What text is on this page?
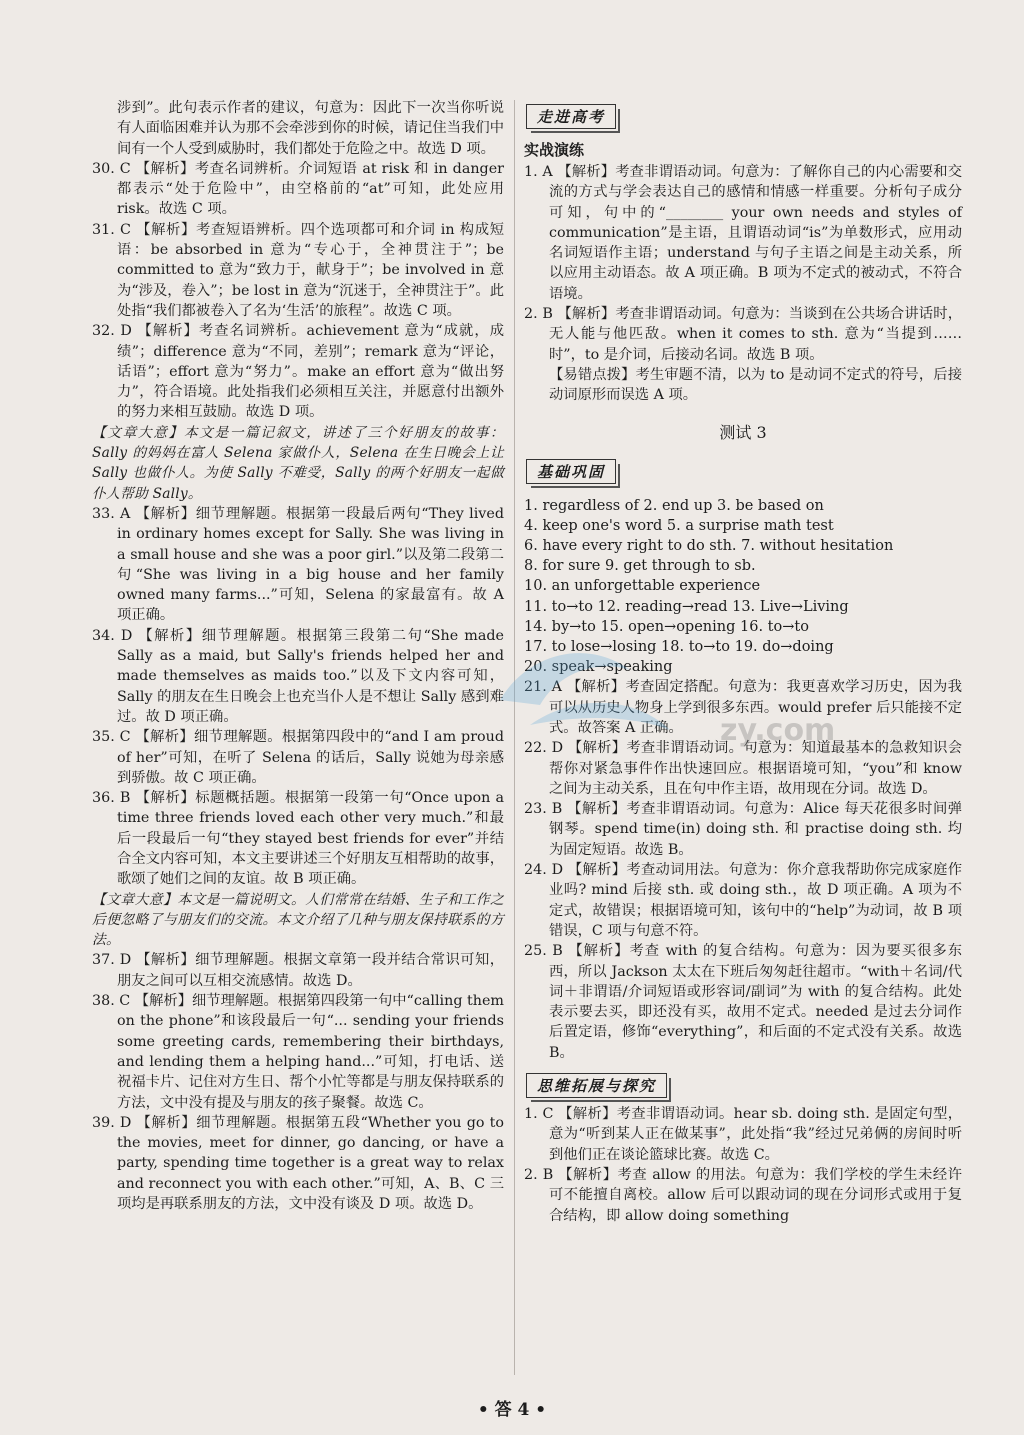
涉到”。此句表示作者的建议，句意为：因此下一次当你听说有人面临困难并认为那不会牵涉到你的时候，请记住当我们中间有一个人受到威胁时，我们都处于危险之中。故选 D 项。

30. C 【解析】考查名词辨析。介词短语 at risk 和 in danger 都表示“处于危险中”，由空格前的“at”可知，此处应用 risk。故选 C 项。

31. C 【解析】考查短语辨析。四个选项都可和介词 in 构成短语：be absorbed in 意为“专心于，全神贯注于”；be committed to 意为“致力于，献身于”；be involved in 意为“涉及，卷入”；be lost in 意为“沉迷于，全神贯注于”。此处指“我们都被卷入了名为‘生活’的旅程”。故选 C 项。

32. D 【解析】考查名词辨析。achievement 意为“成就，成绩”；difference 意为“不同，差别”；remark 意为“评论，话语”；effort 意为“努力”。make an effort 意为“做出努力”，符合语境。此处指我们必须相互关注，并愿意付出额外的努力来相互鼓励。故选 D 项。

【文章大意】本文是一篇记叙文，讲述了三个好朋友的故事：Sally 的妈妈在富人 Selena 家做仆人，Selena 在生日晚会上让 Sally 也做仆人。为使 Sally 不难受，Sally 的两个好朋友一起做仆人帮助 Sally。

33. A 【解析】细节理解题。根据第一段最后两句“They lived in ordinary homes except for Sally. She was living in a small house and she was a poor girl.”以及第二段第二句“She was living in a big house and her family owned many farms...”可知，Selena 的家最富有。故 A 项正确。

34. D 【解析】细节理解题。根据第三段第二句“She made Sally as a maid, but Sally's friends helped her and made themselves as maids too.”以及下文内容可知，Sally 的朋友在生日晚会上也充当仆人是不想让 Sally 感到难过。故 D 项正确。

35. C 【解析】细节理解题。根据第四段中的“and I am proud of her”可知，在听了 Selena 的话后，Sally 说她为母亲感到骄傲。故 C 项正确。

36. B 【解析】标题概括题。根据第一段第一句“Once upon a time three friends loved each other very much.”和最后一段最后一句“they stayed best friends for ever”并结合全文内容可知，本文主要讲述三个好朋友互相帮助的故事，歌颂了她们之间的友谊。故 B 项正确。

【文章大意】本文是一篇说明文。人们常常在结婚、生子和工作之后便忽略了与朋友们的交流。本文介绍了几种与朋友保持联系的方法。

37. D 【解析】细节理解题。根据文章第一段并结合常识可知，朋友之间可以互相交流感情。故选 D。

38. C 【解析】细节理解题。根据第四段第一句中“calling them on the phone”和该段最后一句“... sending your friends some greeting cards, remembering their birthdays, and lending them a helping hand...”可知，打电话、送祝福卡片、记住对方生日、帮个小忙等都是与朋友保持联系的方法，文中没有提及与朋友的孩子聚餐。故选 C。

39. D 【解析】细节理解题。根据第五段“Whether you go to the movies, meet for dinner, go dancing, or have a party, spending time together is a great way to relax and reconnect you with each other.”可知，A、B、C 三项均是再联系朋友的方法，文中没有谈及 D 项。故选 D。

走进高考
实战演练

1. A 【解析】考查非谓语动词。句意为：了解你自己的内心需要和交流的方式与学会表达自己的感情和情感一样重要。分析句子成分可知，句中的“________ your own needs and styles of communication”是主语，且谓语动词“is”为单数形式，应用动名词短语作主语；understand 与句子主语之间是主动关系，所以应用主动语态。故 A 项正确。B 项为不定式的被动式，不符合语境。

2. B 【解析】考查非谓语动词。句意为：当谈到在公共场合讲话时，无人能与他匹敌。when it comes to sth. 意为“当提到……时”，to 是介词，后接动名词。故选 B 项。

【易错点拨】考生审题不清，以为 to 是动词不定式的符号，后接动词原形而误选 A 项。

测试 3
基础巩固

1. regardless of 2. end up 3. be based on

4. keep one's word 5. a surprise math test

6. have every right to do sth. 7. without hesitation

8. for sure 9. get through to sb.

10. an unforgettable experience

11. to→to 12. reading→read 13. Live→Living

14. by→to 15. open→opening 16. to→to

17. to lose→losing 18. to→to 19. do→doing

20. speak→speaking

21. A 【解析】考查固定搭配。句意为：我更喜欢学习历史，因为我可以从历史人物身上学到很多东西。would prefer 后只能接不定式。故答案 A 正确。

22. D 【解析】考查非谓语动词。句意为：知道最基本的急救知识会帮你对紧急事件作出快速回应。根据语境可知，“you”和 know 之间为主动关系，且在句中作主语，故用现在分词。故选 D。

23. B 【解析】考查非谓语动词。句意为：Alice 每天花很多时间弹钢琴。spend time(in) doing sth. 和 practise doing sth. 均为固定短语。故选 B。

24. D 【解析】考查动词用法。句意为：你介意我帮助你完成家庭作业吗? mind 后接 sth. 或 doing sth.，故 D 项正确。A 项为不定式，故错误；根据语境可知，该句中的“help”为动词，故 B 项错误，C 项与句意不符。

25. B 【解析】考查 with 的复合结构。句意为：因为要买很多东西，所以 Jackson 太太在下班后匆匆赶往超市。“with＋名词/代词＋非谓语/介词短语或形容词/副词”为 with 的复合结构。此处表示要去买，即还没有买，故用不定式。needed 是过去分词作后置定语，修饰“everything”，和后面的不定式没有关系。故选 B。

思维拓展与探究

1. C 【解析】考查非谓语动词。hear sb. doing sth. 是固定句型，意为“听到某人正在做某事”，此处指“我”经过兄弟俩的房间时听到他们正在谈论篮球比赛。故选 C。

2. B 【解析】考查 allow 的用法。句意为：我们学校的学生未经许可不能擅自离校。allow 后可以跟动词的现在分词形式或用于复合结构，即 allow doing something

zy.com
• 答 4 •
